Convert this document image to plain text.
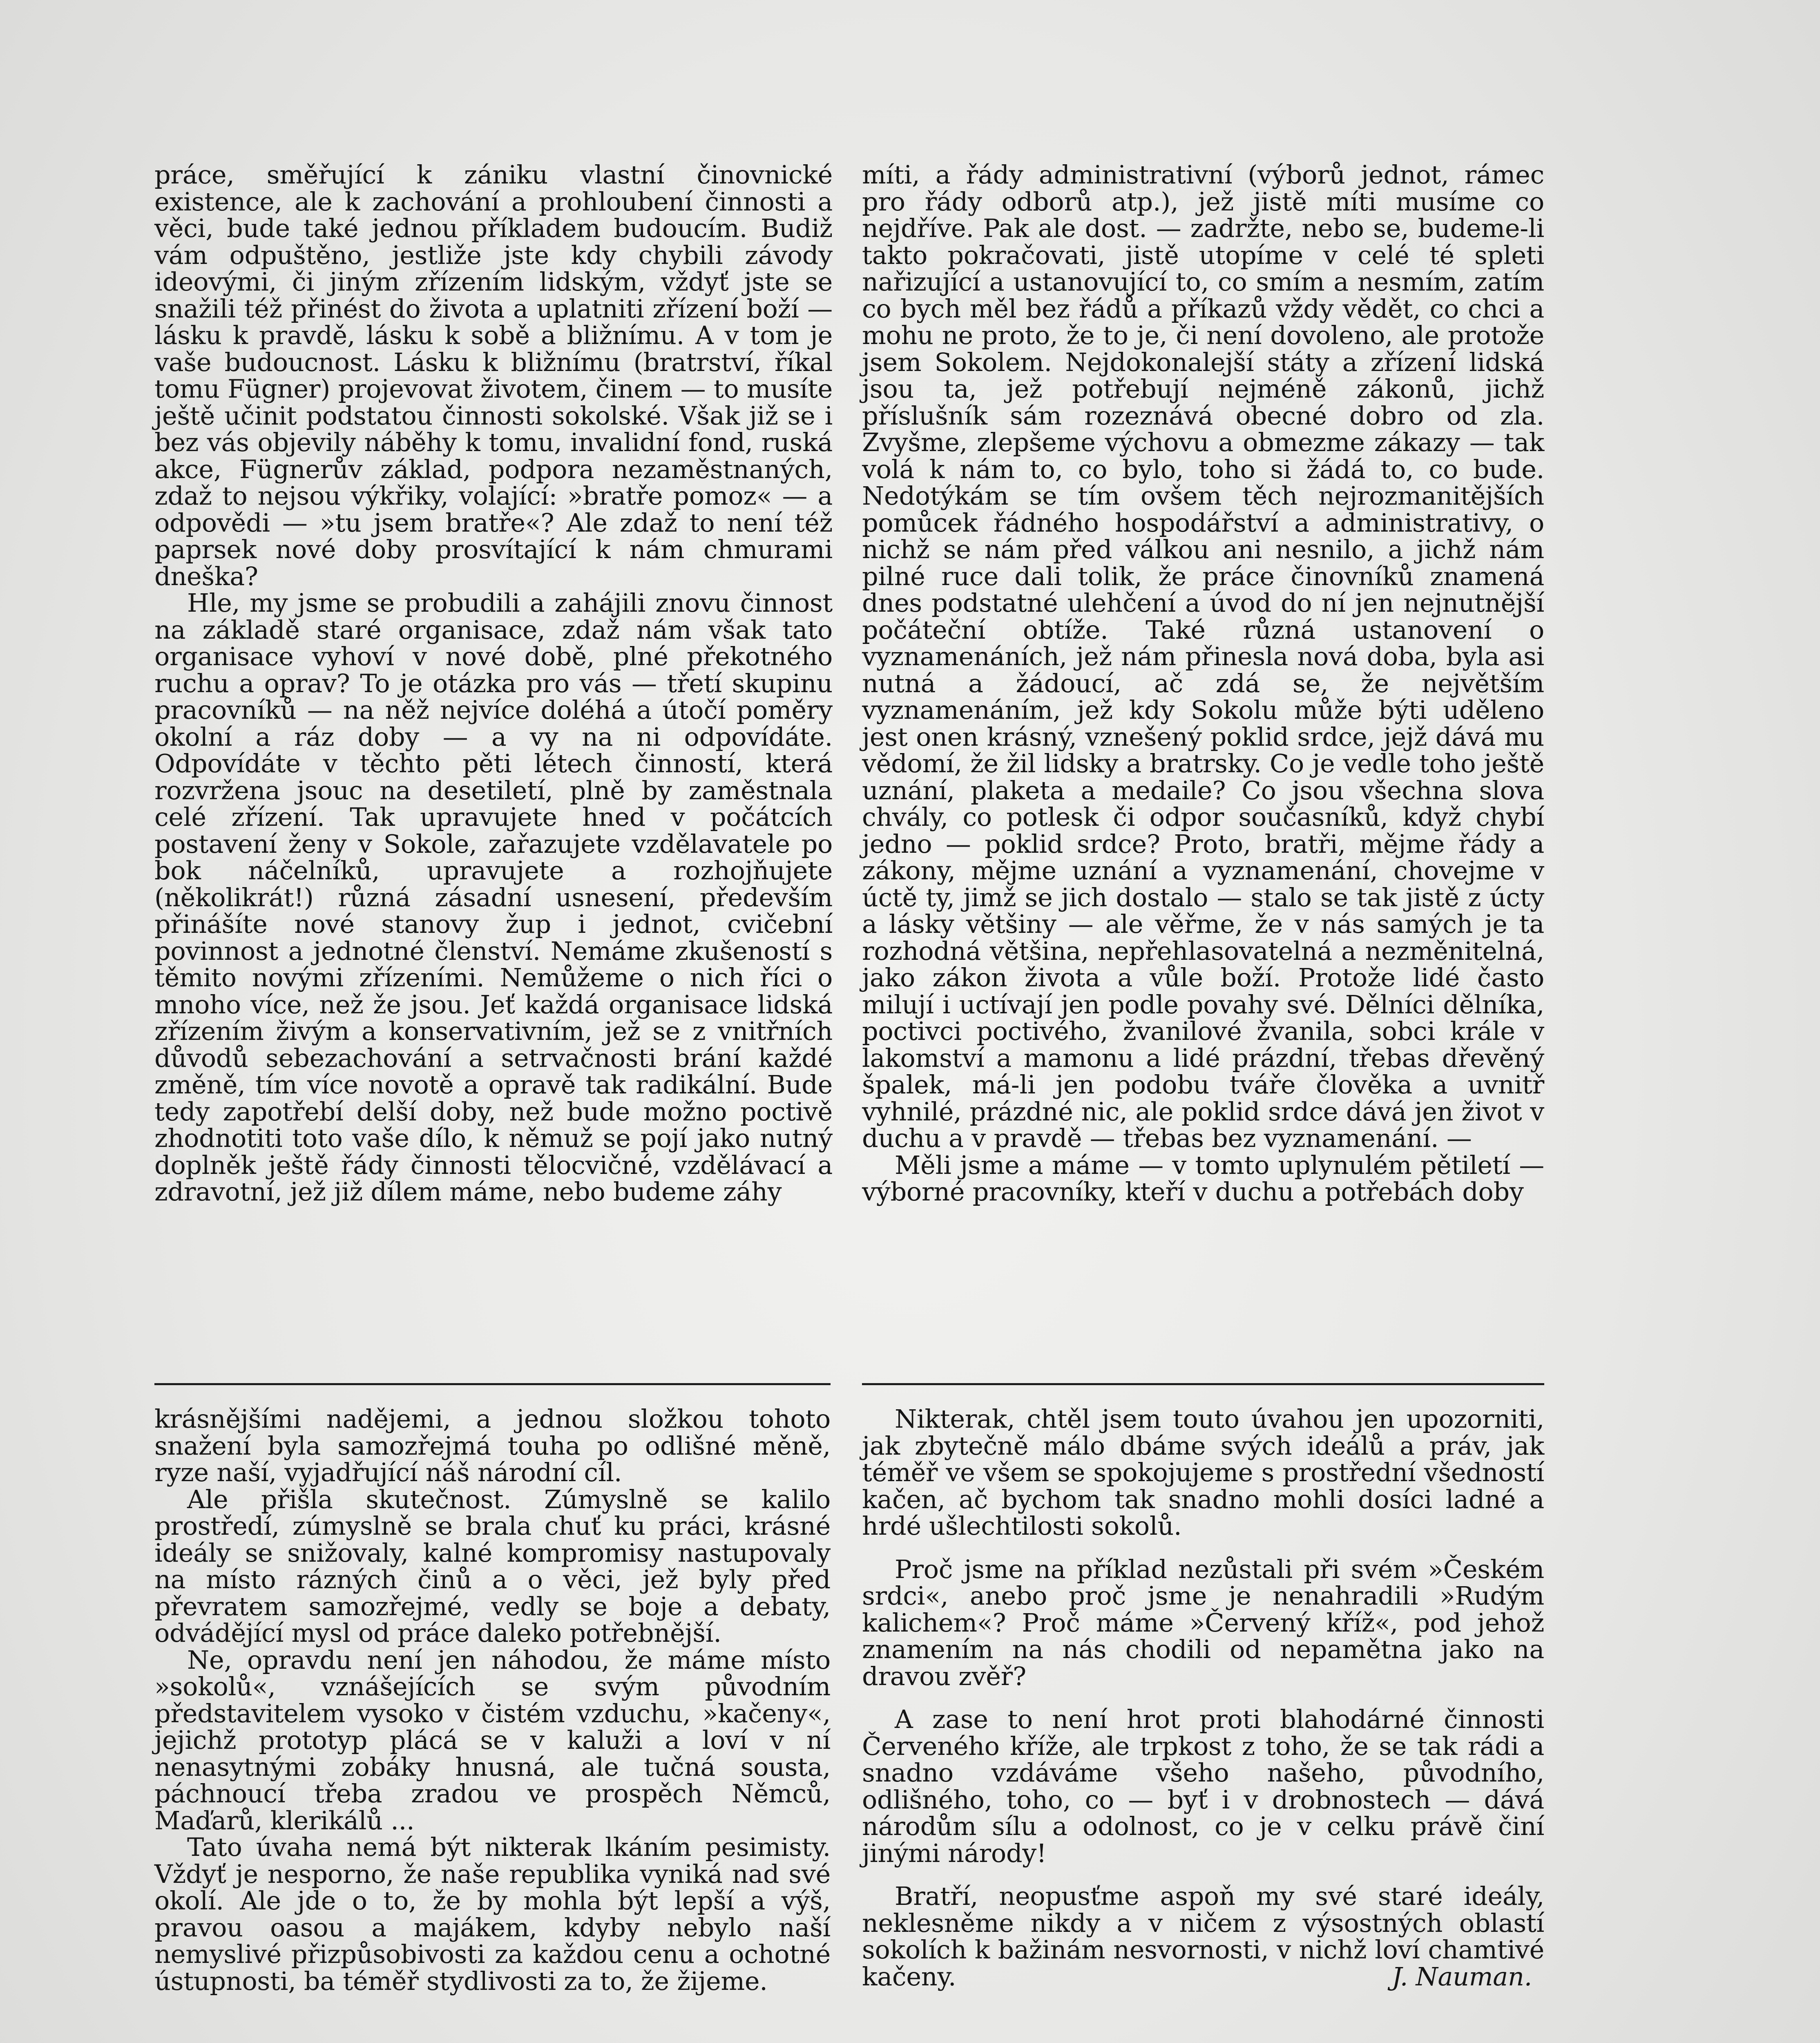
práce, směřující k zániku vlastní činovnické existence, ale k zachování a prohloubení činnosti a věci, bude také jednou příkladem budoucím. Budiž vám odpuštěno, jestliže jste kdy chybili závody ideovými, či jiným zřízením lidským, vždyť jste se snažili též přinést do života a uplatniti zřízení boží — lásku k pravdě, lásku k sobě a bližnímu. A v tom je vaše budoucnost. Lásku k bližnímu (bratrství, říkal tomu Fügner) projevovat životem, činem — to musíte ještě učinit podstatou činnosti sokolské. Však již se i bez vás objevily náběhy k tomu, invalidní fond, ruská akce, Fügnerův základ, podpora nezaměstnaných, zdaž to nejsou výkřiky, volající: »bratře pomoz« — a odpovědi — »tu jsem bratře«? Ale zdaž to není též paprsek nové doby prosvítající k nám chmurami dneška?

Hle, my jsme se probudili a zahájili znovu činnost na základě staré organisace, zdaž nám však tato organisace vyhoví v nové době, plné překotného ruchu a oprav? To je otázka pro vás — třetí skupinu pracovníků — na něž nejvíce doléhá a útočí poměry okolní a ráz doby — a vy na ni odpovídáte. Odpovídáte v těchto pěti létech činností, která rozvržena jsouc na desetiletí, plně by zaměstnala celé zřízení. Tak upravujete hned v počátcích postavení ženy v Sokole, zařazujete vzdělavatele po bok náčelníků, upravujete a rozhojňujete (několikrát!) různá zásadní usnesení, především přinášíte nové stanovy žup i jednot, cvičební povinnost a jednotné členství. Nemáme zkušeností s těmito novými zřízeními. Nemůžeme o nich říci o mnoho více, než že jsou. Jeť každá organisace lidská zřízením živým a konservativním, jež se z vnitřních důvodů sebezachování a setrvačnosti brání každé změně, tím více novotě a opravě tak radikální. Bude tedy zapotřebí delší doby, než bude možno poctivě zhodnotiti toto vaše dílo, k němuž se pojí jako nutný doplněk ještě řády činnosti tělocvičné, vzdělávací a zdravotní, jež již dílem máme, nebo budeme záhy

míti, a řády administrativní (výborů jednot, rámec pro řády odborů atp.), jež jistě míti musíme co nejdříve. Pak ale dost. — zadržte, nebo se, budeme-li takto pokračovati, jistě utopíme v celé té spleti nařizující a ustanovující to, co smím a nesmím, zatím co bych měl bez řádů a příkazů vždy vědět, co chci a mohu ne proto, že to je, či není dovoleno, ale protože jsem Sokolem. Nejdokonalejší státy a zřízení lidská jsou ta, jež potřebují nejméně zákonů, jichž příslušník sám rozeznává obecné dobro od zla. Zvyšme, zlepšeme výchovu a obmezme zákazy — tak volá k nám to, co bylo, toho si žádá to, co bude. Nedotýkám se tím ovšem těch nejrozmanitějších pomůcek řádného hospodářství a administrativy, o nichž se nám před válkou ani nesnilo, a jichž nám pilné ruce dali tolik, že práce činovníků znamená dnes podstatné ulehčení a úvod do ní jen nejnutnější počáteční obtíže. Také různá ustanovení o vyznamenáních, jež nám přinesla nová doba, byla asi nutná a žádoucí, ač zdá se, že největším vyznamenáním, jež kdy Sokolu může býti uděleno jest onen krásný, vznešený poklid srdce, jejž dává mu vědomí, že žil lidsky a bratrsky. Co je vedle toho ještě uznání, plaketa a medaile? Co jsou všechna slova chvály, co potlesk či odpor současníků, když chybí jedno — poklid srdce? Proto, bratři, mějme řády a zákony, mějme uznání a vyznamenání, chovejme v úctě ty, jimž se jich dostalo — stalo se tak jistě z úcty a lásky většiny — ale věřme, že v nás samých je ta rozhodná většina, nepřehlasovatelná a nezměnitelná, jako zákon života a vůle boží. Protože lidé často milují i uctívají jen podle povahy své. Dělníci dělníka, poctivci poctivého, žvanilové žvanila, sobci krále v lakomství a mamonu a lidé prázdní, třebas dřevěný špalek, má-li jen podobu tváře člověka a uvnitř vyhnilé, prázdné nic, ale poklid srdce dává jen život v duchu a v pravdě — třebas bez vyznamenání. —

Měli jsme a máme — v tomto uplynulém pětiletí — výborné pracovníky, kteří v duchu a potřebách doby

krásnějšími nadějemi, a jednou složkou tohoto snažení byla samozřejmá touha po odlišné měně, ryze naší, vyjadřující náš národní cíl.

Ale přišla skutečnost. Zúmyslně se kalilo prostředí, zúmyslně se brala chuť ku práci, krásné ideály se snižovaly, kalné kompromisy nastupovaly na místo rázných činů a o věci, jež byly před převratem samozřejmé, vedly se boje a debaty, odvádějící mysl od práce daleko potřebnější.

Ne, opravdu není jen náhodou, že máme místo »sokolů«, vznášejících se svým původním představitelem vysoko v čistém vzduchu, »kačeny«, jejichž prototyp plácá se v kaluži a loví v ní nenasytnými zobáky hnusná, ale tučná sousta, páchnoucí třeba zradou ve prospěch Němců, Maďarů, klerikálů ...

Tato úvaha nemá být nikterak lkáním pesimisty. Vždyť je nesporno, že naše republika vyniká nad své okolí. Ale jde o to, že by mohla být lepší a výš, pravou oasou a majákem, kdyby nebylo naší nemyslivé přizpůsobivosti za každou cenu a ochotné ústupnosti, ba téměř stydlivosti za to, že žijeme.

Nikterak, chtěl jsem touto úvahou jen upozorniti, jak zbytečně málo dbáme svých ideálů a práv, jak téměř ve všem se spokojujeme s prostřední všedností kačen, ač bychom tak snadno mohli dosíci ladné a hrdé ušlechtilosti sokolů.

Proč jsme na příklad nezůstali při svém »Českém srdci«, anebo proč jsme je nenahradili »Rudým kalichem«? Proč máme »Červený kříž«, pod jehož znamením na nás chodili od nepamětna jako na dravou zvěř?

A zase to není hrot proti blahodárné činnosti Červeného kříže, ale trpkost z toho, že se tak rádi a snadno vzdáváme všeho našeho, původního, odlišného, toho, co — byť i v drobnostech — dává národům sílu a odolnost, co je v celku právě činí jinými národy!

Bratří, neopusťme aspoň my své staré ideály, neklesněme nikdy a v ničem z výsostných oblastí sokolích k bažinám nesvornosti, v nichž loví chamtivé kačeny.	J. Nauman.
